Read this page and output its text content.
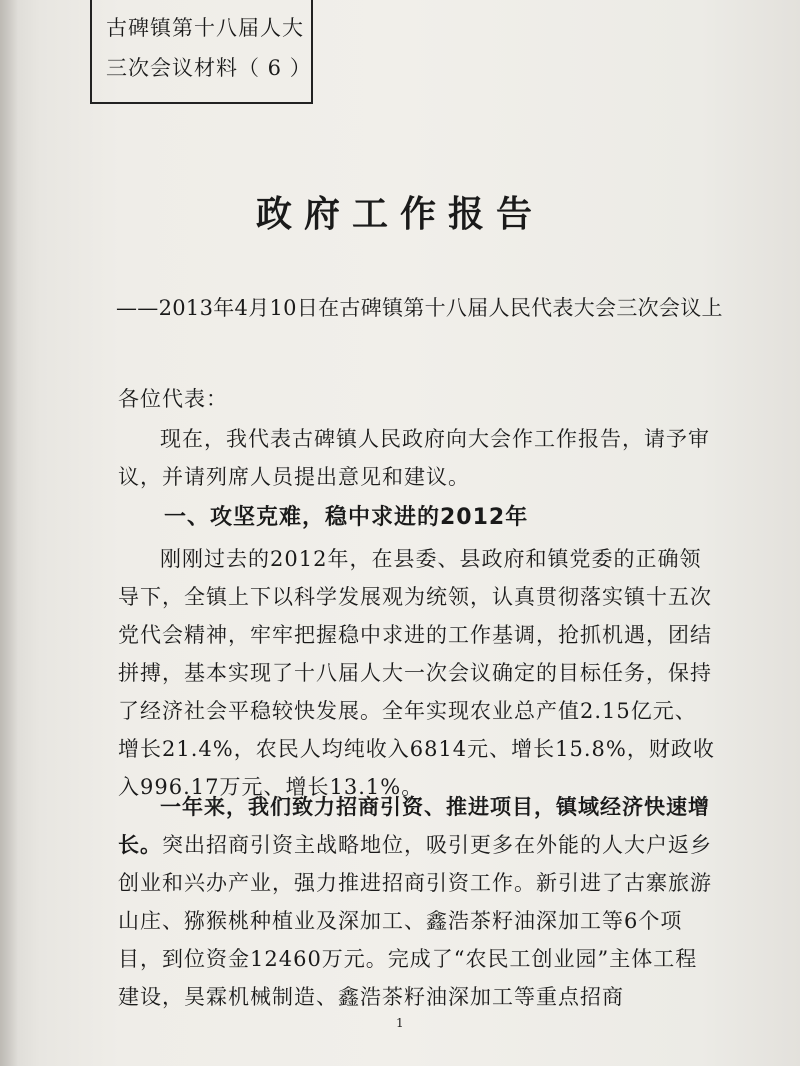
古碑镇第十八届人大
三次会议材料（ 6 ）
政府工作报告
——2013年4月10日在古碑镇第十八届人民代表大会三次会议上
各位代表：
现在，我代表古碑镇人民政府向大会作工作报告，请予审议，并请列席人员提出意见和建议。
一、攻坚克难，稳中求进的2012年
刚刚过去的2012年，在县委、县政府和镇党委的正确领导下，全镇上下以科学发展观为统领，认真贯彻落实镇十五次党代会精神，牢牢把握稳中求进的工作基调，抢抓机遇，团结拼搏，基本实现了十八届人大一次会议确定的目标任务，保持了经济社会平稳较快发展。全年实现农业总产值2.15亿元、增长21.4%，农民人均纯收入6814元、增长15.8%，财政收入996.17万元、增长13.1%。
一年来，我们致力招商引资、推进项目，镇域经济快速增长。突出招商引资主战略地位，吸引更多在外能的人大户返乡创业和兴办产业，强力推进招商引资工作。新引进了古寨旅游山庄、猕猴桃种植业及深加工、鑫浩茶籽油深加工等6个项目，到位资金12460万元。完成了“农民工创业园”主体工程建设，昊霖机械制造、鑫浩茶籽油深加工等重点招商
1
